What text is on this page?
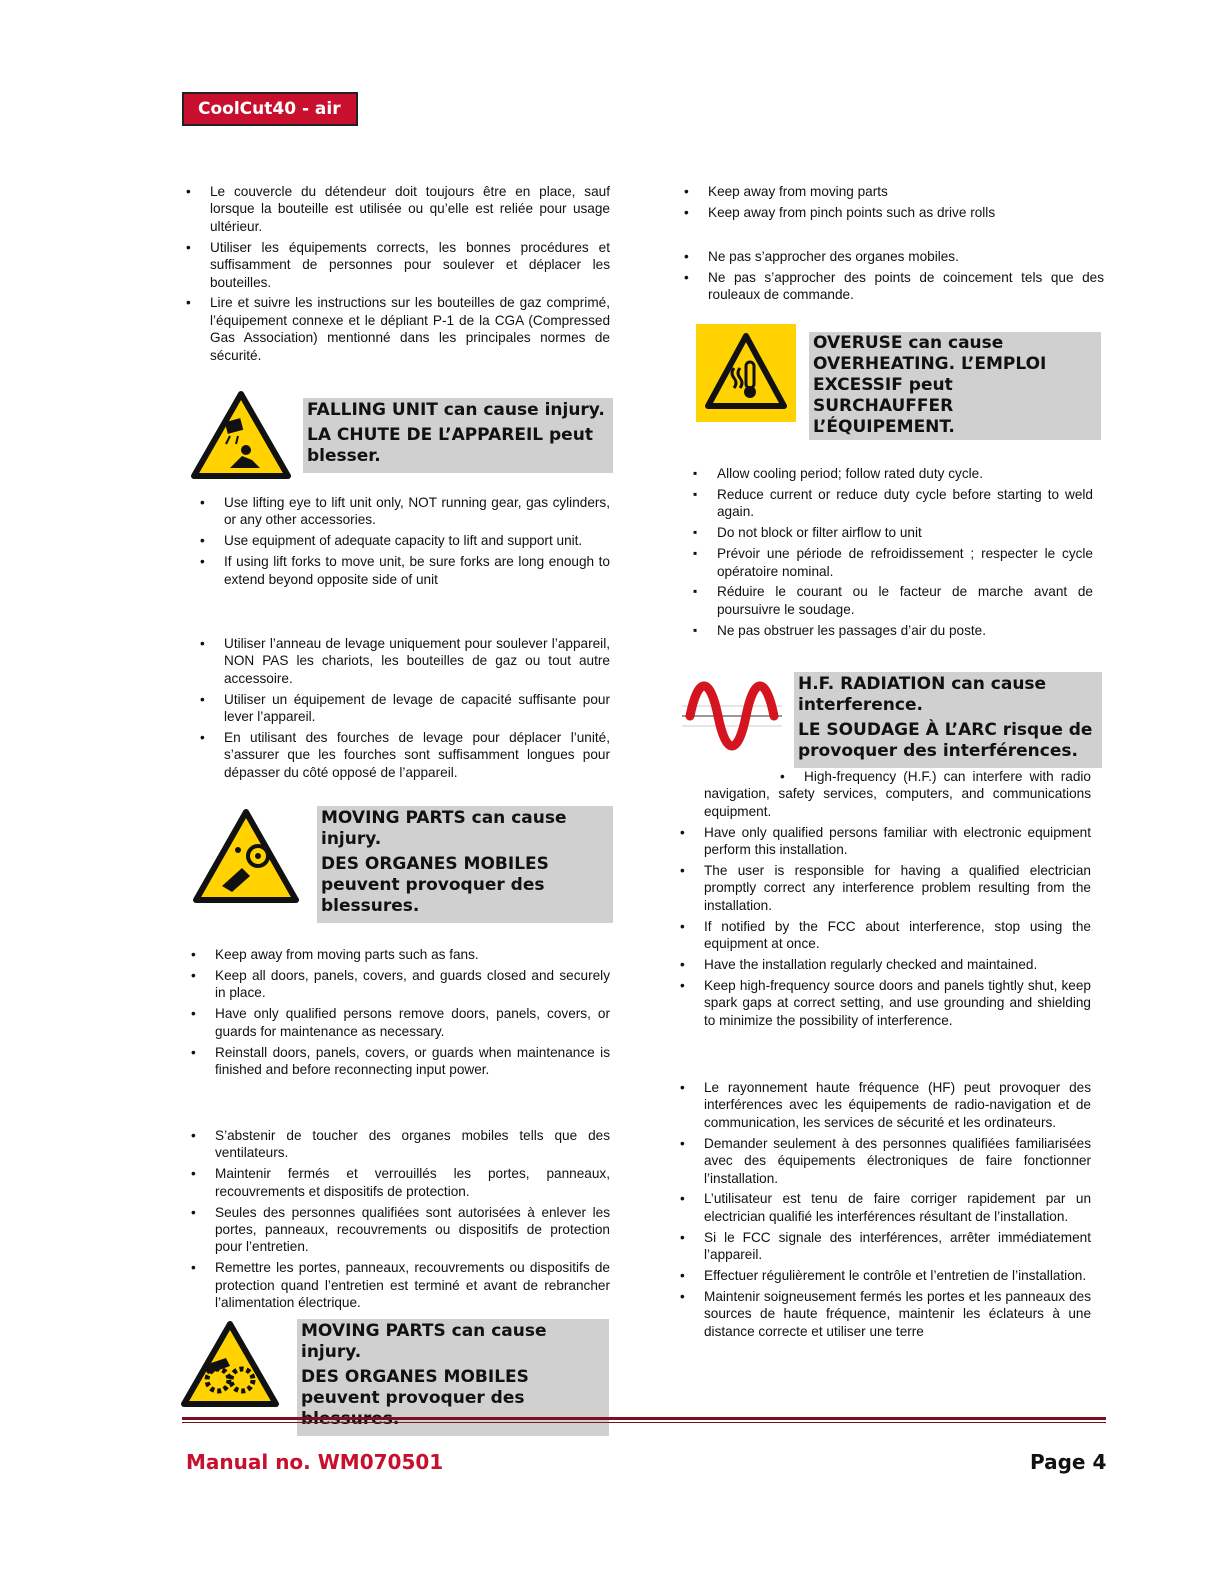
CoolCut40 - air
• Le couvercle du détendeur doit toujours être en place, sauf lorsque la bouteille est utilisée ou qu’elle est reliée pour usage ultérieur.
• Utiliser les équipements corrects, les bonnes procédures et suffisamment de personnes pour soulever et déplacer les bouteilles.
• Lire et suivre les instructions sur les bouteilles de gaz comprimé, l’équipement connexe et le dépliant P-1 de la CGA (Compressed Gas Association) mentionné dans les principales normes de sécurité.

FALLING UNIT can cause injury.

LA CHUTE DE L’APPAREIL peut blesser.

• Use lifting eye to lift unit only, NOT running gear, gas cylinders, or any other accessories.
• Use equipment of adequate capacity to lift and support unit.
• If using lift forks to move unit, be sure forks are long enough to extend beyond opposite side of unit
• Utiliser l’anneau de levage uniquement pour soulever l’appareil, NON PAS les chariots, les bouteilles de gaz ou tout autre accessoire.
• Utiliser un équipement de levage de capacité suffisante pour lever l’appareil.
• En utilisant des fourches de levage pour déplacer l’unité, s’assurer que les fourches sont suffisamment longues pour dépasser du côté opposé de l’appareil.

MOVING PARTS can cause injury.

DES ORGANES MOBILES peuvent provoquer des blessures.

• Keep away from moving parts such as fans.
• Keep all doors, panels, covers, and guards closed and securely in place.
• Have only qualified persons remove doors, panels, covers, or guards for maintenance as necessary.
• Reinstall doors, panels, covers, or guards when maintenance is finished and before reconnecting input power.
• S’abstenir de toucher des organes mobiles tells que des ventilateurs.
• Maintenir fermés et verrouillés les portes, panneaux, recouvrements et dispositifs de protection.
• Seules des personnes qualifiées sont autorisées à enlever les portes, panneaux, recouvrements ou dispositifs de protection pour l’entretien.
• Remettre les portes, panneaux, recouvrements ou dispositifs de protection quand l’entretien est terminé et avant de rebrancher l’alimentation électrique.

MOVING PARTS can cause injury.

DES ORGANES MOBILES peuvent provoquer des

• Keep away from moving parts
• Keep away from pinch points such as drive rolls
• Ne pas s’approcher des organes mobiles.
• Ne pas s’approcher des points de coincement tels que des rouleaux de commande.

OVERUSE can cause OVERHEATING. L’EMPLOI EXCESSIF peut SURCHAUFFER L’ÉQUIPEMENT.

▪ Allow cooling period; follow rated duty cycle.
▪ Reduce current or reduce duty cycle before starting to weld again.
▪ Do not block or filter airflow to unit
▪ Prévoir une période de refroidissement ; respecter le cycle opératoire nominal.
▪ Réduire le courant ou le facteur de marche avant de poursuivre le soudage.
▪ Ne pas obstruer les passages d’air du poste.

H.F. RADIATION can cause interference.

LE SOUDAGE À L’ARC risque de provoquer des interférences.

• High-frequency (H.F.) can interfere with radio navigation, safety services, computers, and communications equipment.
• Have only qualified persons familiar with electronic equipment perform this installation.
• The user is responsible for having a qualified electrician promptly correct any interference problem resulting from the installation.
• If notified by the FCC about interference, stop using the equipment at once.
• Have the installation regularly checked and maintained.
• Keep high-frequency source doors and panels tightly shut, keep spark gaps at correct setting, and use grounding and shielding to minimize the possibility of interference.
• Le rayonnement haute fréquence (HF) peut provoquer des interférences avec les équipements de radio-navigation et de communication, les services de sécurité et les ordinateurs.
• Demander seulement à des personnes qualifiées familiarisées avec des équipements électroniques de faire fonctionner l’installation.
• L’utilisateur est tenu de faire corriger rapidement par un electrician qualifié les interférences résultant de l’installation.
• Si le FCC signale des interférences, arrêter immédiatement l’appareil.
• Effectuer régulièrement le contrôle et l’entretien de l’installation.
• Maintenir soigneusement fermés les portes et les panneaux des sources de haute fréquence, maintenir les éclateurs à une distance correcte et utiliser une terre
Manual no. WM070501	Page 4
